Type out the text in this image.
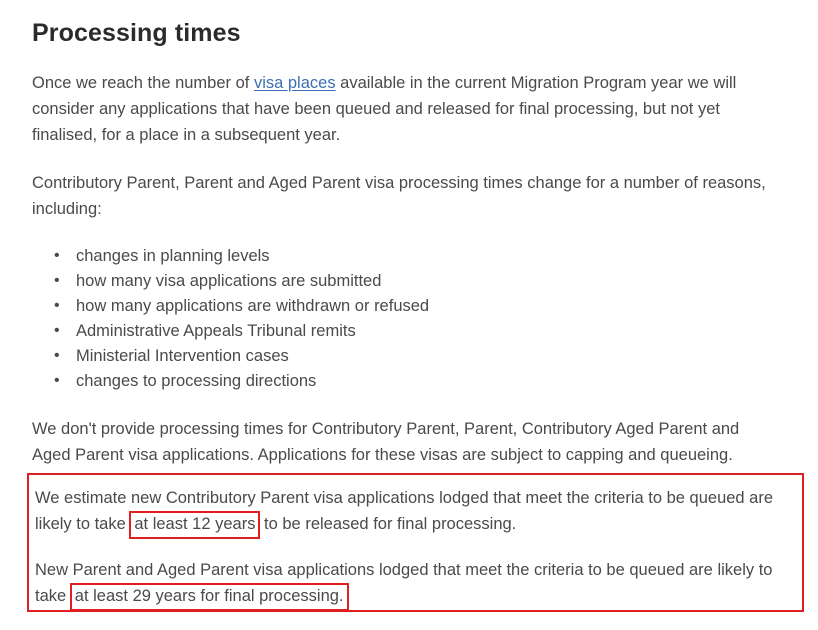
Processing times

Once we reach the number of visa places available in the current Migration Program year we will consider any applications that have been queued and released for final processing, but not yet finalised, for a place in a subsequent year.

Contributory Parent, Parent and Aged Parent visa processing times change for a number of reasons, including:

• changes in planning levels
• how many visa applications are submitted
• how many applications are withdrawn or refused
• Administrative Appeals Tribunal remits
• Ministerial Intervention cases
• changes to processing directions

We don't provide processing times for Contributory Parent, Parent, Contributory Aged Parent and Aged Parent visa applications. Applications for these visas are subject to capping and queueing.

We estimate new Contributory Parent visa applications lodged that meet the criteria to be queued are likely to take at least 12 years to be released for final processing.

New Parent and Aged Parent visa applications lodged that meet the criteria to be queued are likely to take at least 29 years for final processing.
